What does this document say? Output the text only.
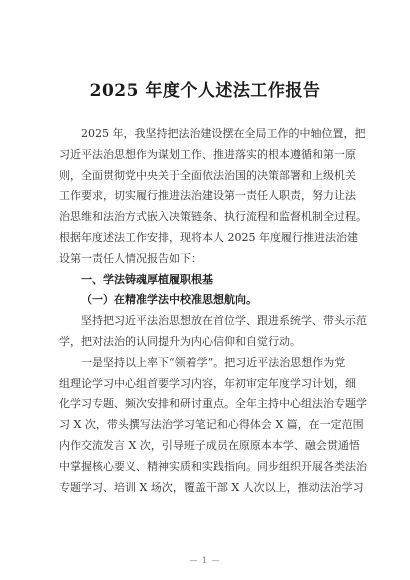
2025 年度个人述法工作报告
2025 年，我坚持把法治建设摆在全局工作的中轴位置，把
习近平法治思想作为谋划工作、推进落实的根本遵循和第一原
则，全面贯彻党中央关于全面依法治国的决策部署和上级机关
工作要求，切实履行推进法治建设第一责任人职责，努力让法
治思维和法治方式嵌入决策链条、执行流程和监督机制全过程。
根据年度述法工作安排，现将本人 2025 年度履行推进法治建
设第一责任人情况报告如下：
一、学法铸魂厚植履职根基
（一）在精准学法中校准思想航向。
坚持把习近平法治思想放在首位学、跟进系统学、带头示范
学，把对法治的认同提升为内心信仰和自觉行动。
一是坚持以上率下“领着学”。把习近平法治思想作为党
组理论学习中心组首要学习内容，年初审定年度学习计划，细
化学习专题、频次安排和研讨重点。全年主持中心组法治专题学
习 X 次，带头撰写法治学习笔记和心得体会 X 篇，在一定范围
内作交流发言 X 次，引导班子成员在原原本本学、融会贯通悟
中掌握核心要义、精神实质和实践指向。同步组织开展各类法治
专题学习、培训 X 场次，覆盖干部 X 人次以上，推动法治学习
— 1 —
